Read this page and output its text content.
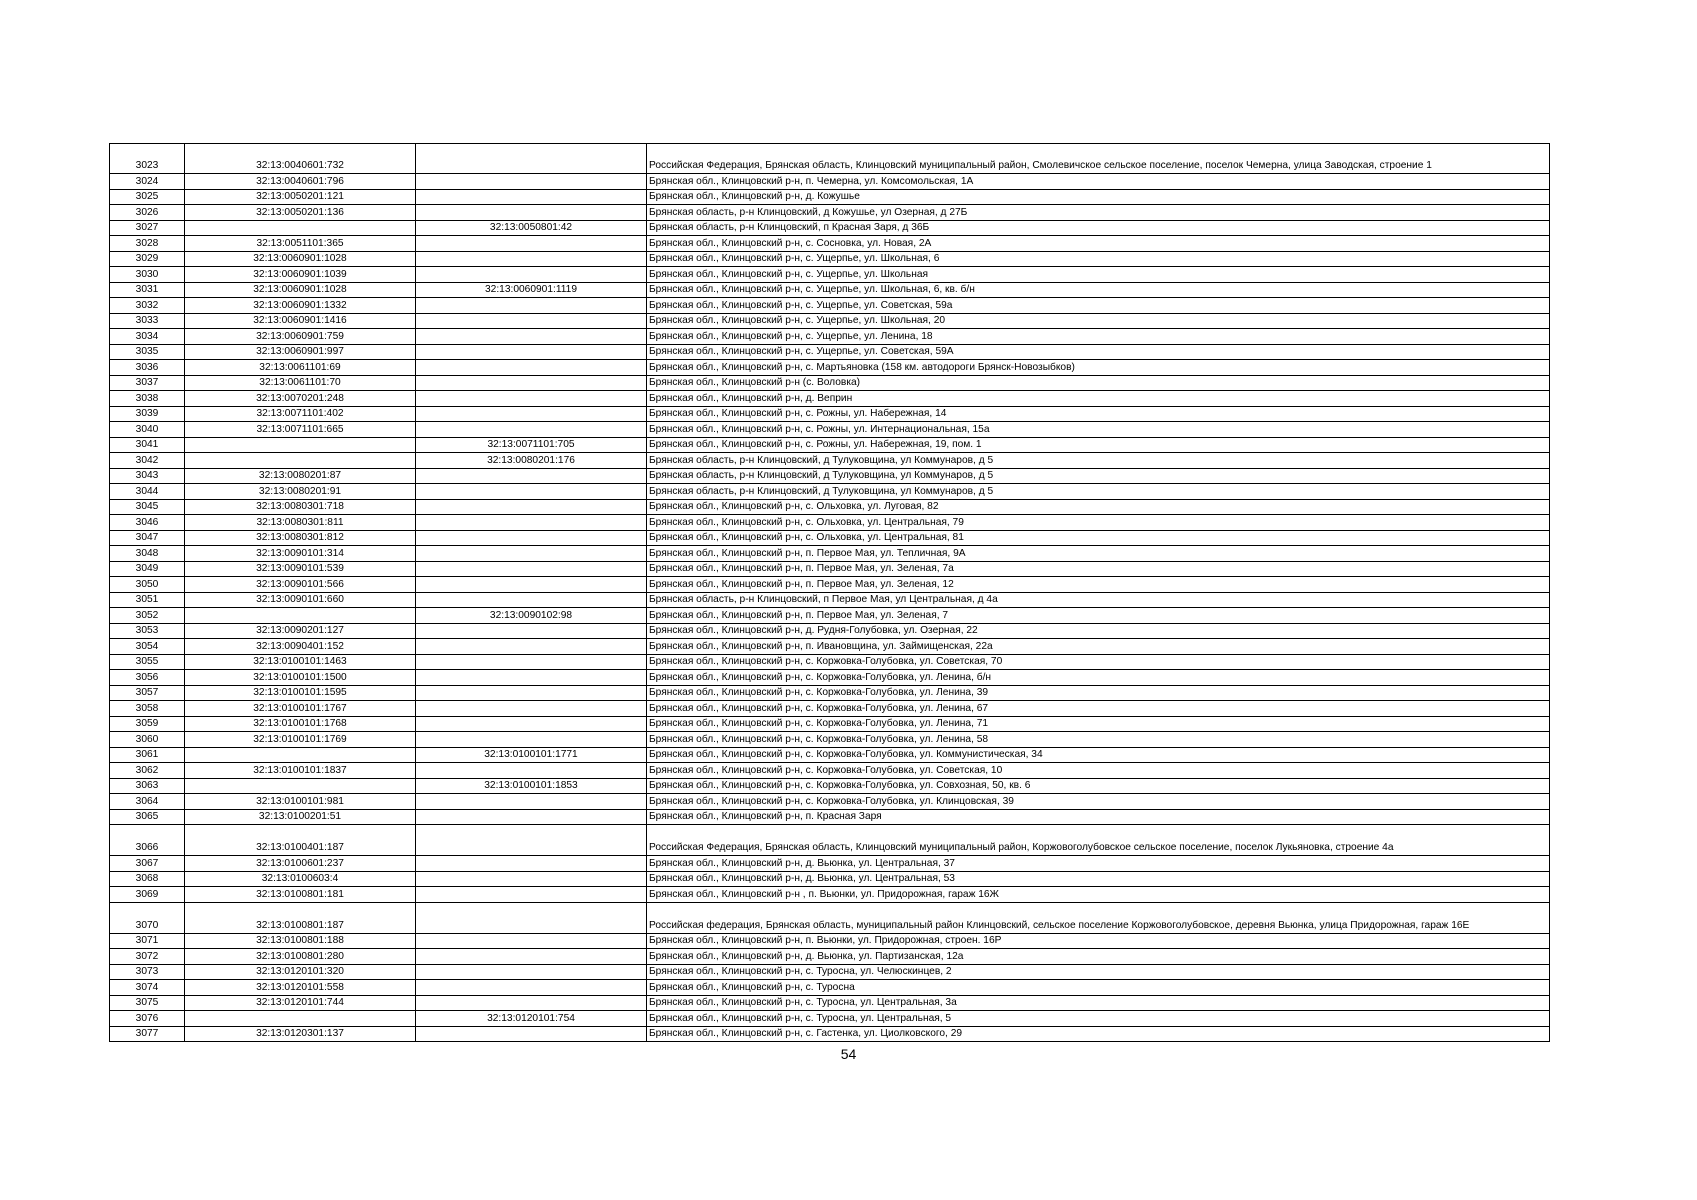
3023	32:13:0040601:732		Российская Федерация, Брянская область, Клинцовский муниципальный район, Смолевичское сельское поселение, поселок Чемерна, улица Заводская, строение 1
3024	32:13:0040601:796		Брянская обл., Клинцовский р-н, п. Чемерна, ул. Комсомольская, 1А
3025	32:13:0050201:121		Брянская обл., Клинцовский р-н, д. Кожушье
3026	32:13:0050201:136		Брянская область, р-н Клинцовский, д Кожушье, ул Озерная, д 27Б
3027		32:13:0050801:42	Брянская область, р-н Клинцовский, п Красная Заря, д 36Б
3028	32:13:0051101:365		Брянская обл., Клинцовский р-н, с. Сосновка, ул. Новая, 2А
3029	32:13:0060901:1028		Брянская обл., Клинцовский р-н, с. Ущерпье, ул. Школьная, 6
3030	32:13:0060901:1039		Брянская обл., Клинцовский р-н, с. Ущерпье, ул. Школьная
3031	32:13:0060901:1028	32:13:0060901:1119	Брянская обл., Клинцовский р-н, с. Ущерпье, ул. Школьная, 6, кв. б/н
3032	32:13:0060901:1332		Брянская обл., Клинцовский р-н, с. Ущерпье, ул. Советская, 59а
3033	32:13:0060901:1416		Брянская обл., Клинцовский р-н, с. Ущерпье, ул. Школьная, 20
3034	32:13:0060901:759		Брянская обл., Клинцовский р-н, с. Ущерпье, ул. Ленина, 18
3035	32:13:0060901:997		Брянская обл., Клинцовский р-н, с. Ущерпье, ул. Советская, 59А
3036	32:13:0061101:69		Брянская обл., Клинцовский р-н, с. Мартьяновка (158 км. автодороги Брянск-Новозыбков)
3037	32:13:0061101:70		Брянская обл., Клинцовский р-н (с. Воловка)
3038	32:13:0070201:248		Брянская обл., Клинцовский р-н, д. Веприн
3039	32:13:0071101:402		Брянская обл., Клинцовский р-н, с. Рожны, ул. Набережная, 14
3040	32:13:0071101:665		Брянская обл., Клинцовский р-н, с. Рожны, ул. Интернациональная, 15а
3041		32:13:0071101:705	Брянская обл., Клинцовский р-н, с. Рожны, ул. Набережная, 19, пом. 1
3042		32:13:0080201:176	Брянская область, р-н Клинцовский, д Тулуковщина, ул Коммунаров, д 5
3043	32:13:0080201:87		Брянская область, р-н Клинцовский, д Тулуковщина, ул Коммунаров, д 5
3044	32:13:0080201:91		Брянская область, р-н Клинцовский, д Тулуковщина, ул Коммунаров, д 5
3045	32:13:0080301:718		Брянская обл., Клинцовский р-н, с. Ольховка, ул. Луговая, 82
3046	32:13:0080301:811		Брянская обл., Клинцовский р-н, с. Ольховка, ул. Центральная, 79
3047	32:13:0080301:812		Брянская обл., Клинцовский р-н, с. Ольховка, ул. Центральная, 81
3048	32:13:0090101:314		Брянская обл., Клинцовский р-н, п. Первое Мая, ул. Тепличная, 9А
3049	32:13:0090101:539		Брянская обл., Клинцовский р-н, п. Первое Мая, ул. Зеленая, 7а
3050	32:13:0090101:566		Брянская обл., Клинцовский р-н, п. Первое Мая, ул. Зеленая, 12
3051	32:13:0090101:660		Брянская область, р-н Клинцовский, п Первое Мая, ул Центральная, д 4а
3052		32:13:0090102:98	Брянская обл., Клинцовский р-н, п. Первое Мая, ул. Зеленая, 7
3053	32:13:0090201:127		Брянская обл., Клинцовский р-н, д. Рудня-Голубовка, ул. Озерная, 22
3054	32:13:0090401:152		Брянская обл., Клинцовский р-н, п. Ивановщина, ул. Займищенская, 22а
3055	32:13:0100101:1463		Брянская обл., Клинцовский р-н, с. Коржовка-Голубовка, ул. Советская, 70
3056	32:13:0100101:1500		Брянская обл., Клинцовский р-н, с. Коржовка-Голубовка, ул. Ленина, б/н
3057	32:13:0100101:1595		Брянская обл., Клинцовский р-н, с. Коржовка-Голубовка, ул. Ленина, 39
3058	32:13:0100101:1767		Брянская обл., Клинцовский р-н, с. Коржовка-Голубовка, ул. Ленина, 67
3059	32:13:0100101:1768		Брянская обл., Клинцовский р-н, с. Коржовка-Голубовка, ул. Ленина, 71
3060	32:13:0100101:1769		Брянская обл., Клинцовский р-н, с. Коржовка-Голубовка, ул. Ленина, 58
3061		32:13:0100101:1771	Брянская обл., Клинцовский р-н, с. Коржовка-Голубовка, ул. Коммунистическая, 34
3062	32:13:0100101:1837		Брянская обл., Клинцовский р-н, с. Коржовка-Голубовка, ул. Советская, 10
3063		32:13:0100101:1853	Брянская обл., Клинцовский р-н, с. Коржовка-Голубовка, ул. Совхозная, 50, кв. 6
3064	32:13:0100101:981		Брянская обл., Клинцовский р-н, с. Коржовка-Голубовка, ул. Клинцовская, 39
3065	32:13:0100201:51		Брянская обл., Клинцовский р-н, п. Красная Заря
3066	32:13:0100401:187		Российская Федерация, Брянская область, Клинцовский муниципальный район, Коржовоголубовское сельское поселение, поселок Лукьяновка, строение 4а
3067	32:13:0100601:237		Брянская обл., Клинцовский р-н, д. Вьюнка, ул. Центральная, 37
3068	32:13:0100603:4		Брянская обл., Клинцовский р-н, д. Вьюнка, ул. Центральная, 53
3069	32:13:0100801:181		Брянская обл., Клинцовский р-н , п. Вьюнки, ул. Придорожная, гараж 16Ж
3070	32:13:0100801:187		Российская федерация, Брянская область, муниципальный район Клинцовский, сельское поселение Коржовоголубовское, деревня Вьюнка, улица Придорожная, гараж 16Е
3071	32:13:0100801:188		Брянская обл., Клинцовский р-н, п. Вьюнки, ул. Придорожная, строен. 16Р
3072	32:13:0100801:280		Брянская обл., Клинцовский р-н, д. Вьюнка, ул. Партизанская, 12а
3073	32:13:0120101:320		Брянская обл., Клинцовский р-н, с. Туросна, ул. Челюскинцев, 2
3074	32:13:0120101:558		Брянская обл., Клинцовский р-н, с. Туросна
3075	32:13:0120101:744		Брянская обл., Клинцовский р-н, с. Туросна, ул. Центральная, 3а
3076		32:13:0120101:754	Брянская обл., Клинцовский р-н, с. Туросна, ул. Центральная, 5
3077	32:13:0120301:137		Брянская обл., Клинцовский р-н, с. Гастенка, ул. Циолковского, 29
54
